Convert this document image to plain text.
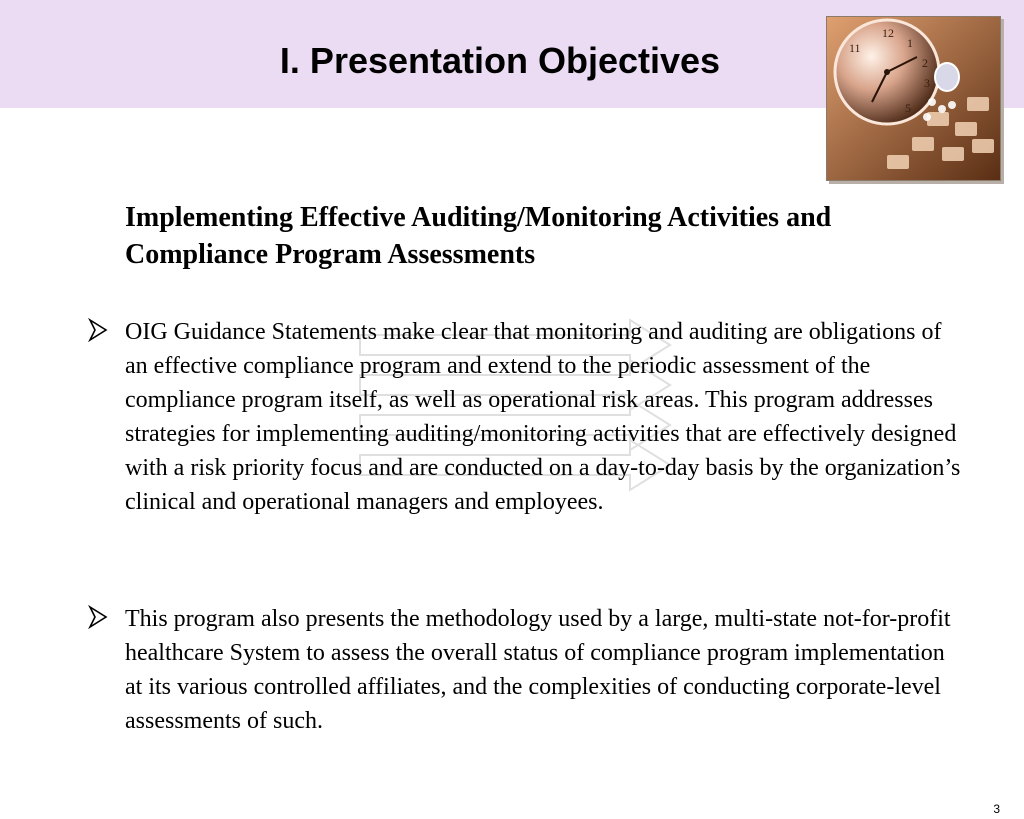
I. Presentation Objectives
12
1
2
3
5
11
Implementing Effective Auditing/Monitoring Activities and Compliance Program Assessments

OIG Guidance Statements make clear that monitoring and auditing are obligations of an effective compliance program and extend to the periodic assessment of the compliance program itself, as well as operational risk areas. This program addresses strategies for implementing auditing/monitoring activities that are effectively designed with a risk priority focus and are conducted on a day-to-day basis by the organization’s clinical and operational managers and employees.

This program also presents the methodology used by a large, multi-state not-for-profit healthcare System to assess the overall status of compliance program implementation at its various controlled affiliates, and the complexities of conducting corporate-level assessments of such.

3
